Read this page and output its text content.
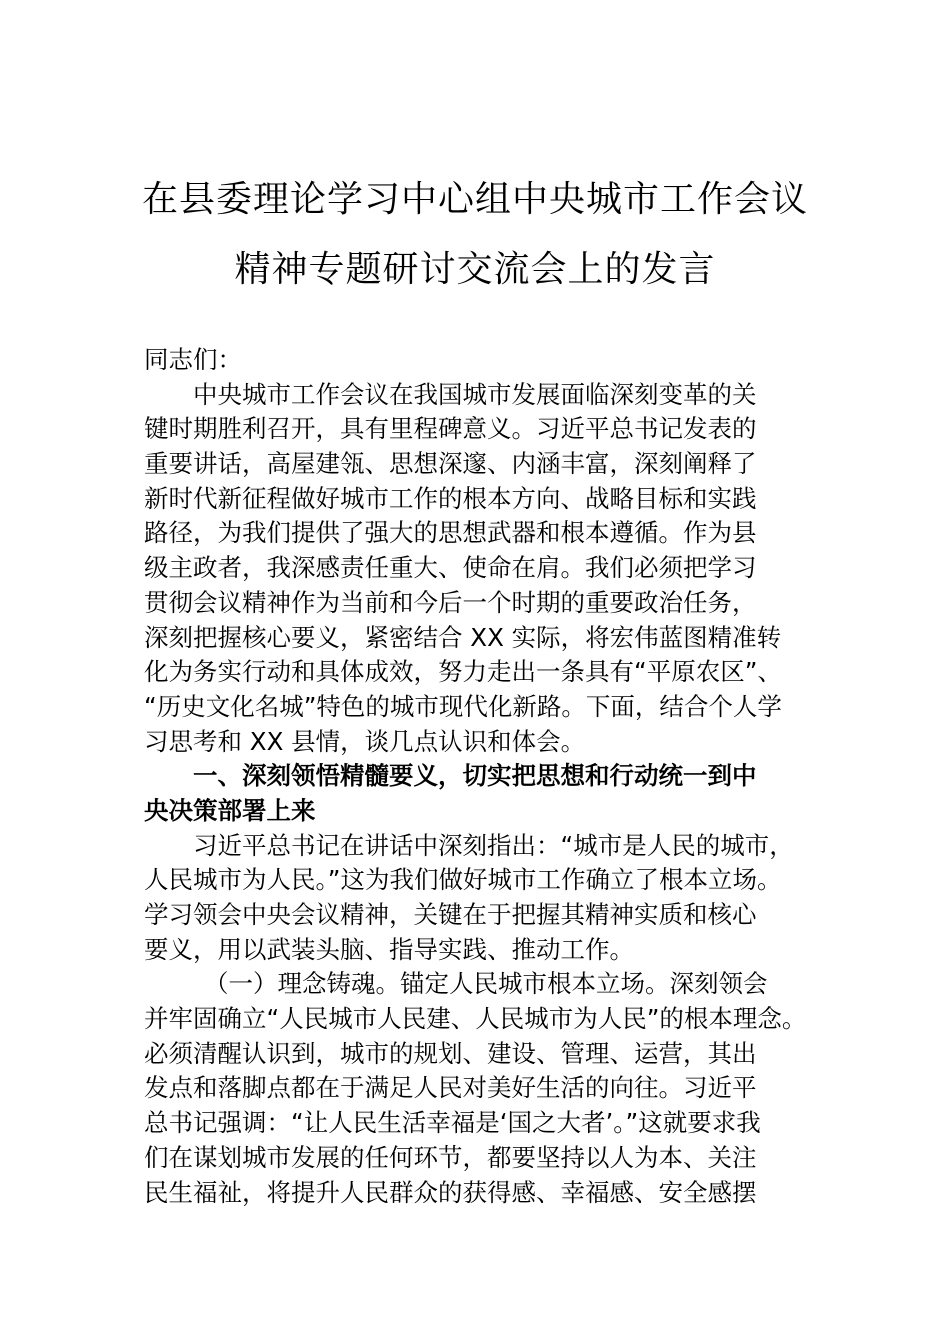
在县委理论学习中心组中央城市工作会议
精神专题研讨交流会上的发言
同志们：
中央城市工作会议在我国城市发展面临深刻变革的关
键时期胜利召开，具有里程碑意义。习近平总书记发表的
重要讲话，高屋建瓴、思想深邃、内涵丰富，深刻阐释了
新时代新征程做好城市工作的根本方向、战略目标和实践
路径，为我们提供了强大的思想武器和根本遵循。作为县
级主政者，我深感责任重大、使命在肩。我们必须把学习
贯彻会议精神作为当前和今后一个时期的重要政治任务，
深刻把握核心要义，紧密结合 XX 实际，将宏伟蓝图精准转
化为务实行动和具体成效，努力走出一条具有“平原农区”、
“历史文化名城”特色的城市现代化新路。下面，结合个人学
习思考和 XX 县情，谈几点认识和体会。
一、深刻领悟精髓要义，切实把思想和行动统一到中
央决策部署上来
习近平总书记在讲话中深刻指出：“城市是人民的城市，
人民城市为人民。”这为我们做好城市工作确立了根本立场。
学习领会中央会议精神，关键在于把握其精神实质和核心
要义，用以武装头脑、指导实践、推动工作。
（一）理念铸魂。锚定人民城市根本立场。深刻领会
并牢固确立“人民城市人民建、人民城市为人民”的根本理念。
必须清醒认识到，城市的规划、建设、管理、运营，其出
发点和落脚点都在于满足人民对美好生活的向往。习近平
总书记强调：“让人民生活幸福是‘国之大者’。”这就要求我
们在谋划城市发展的任何环节，都要坚持以人为本、关注
民生福祉，将提升人民群众的获得感、幸福感、安全感摆
